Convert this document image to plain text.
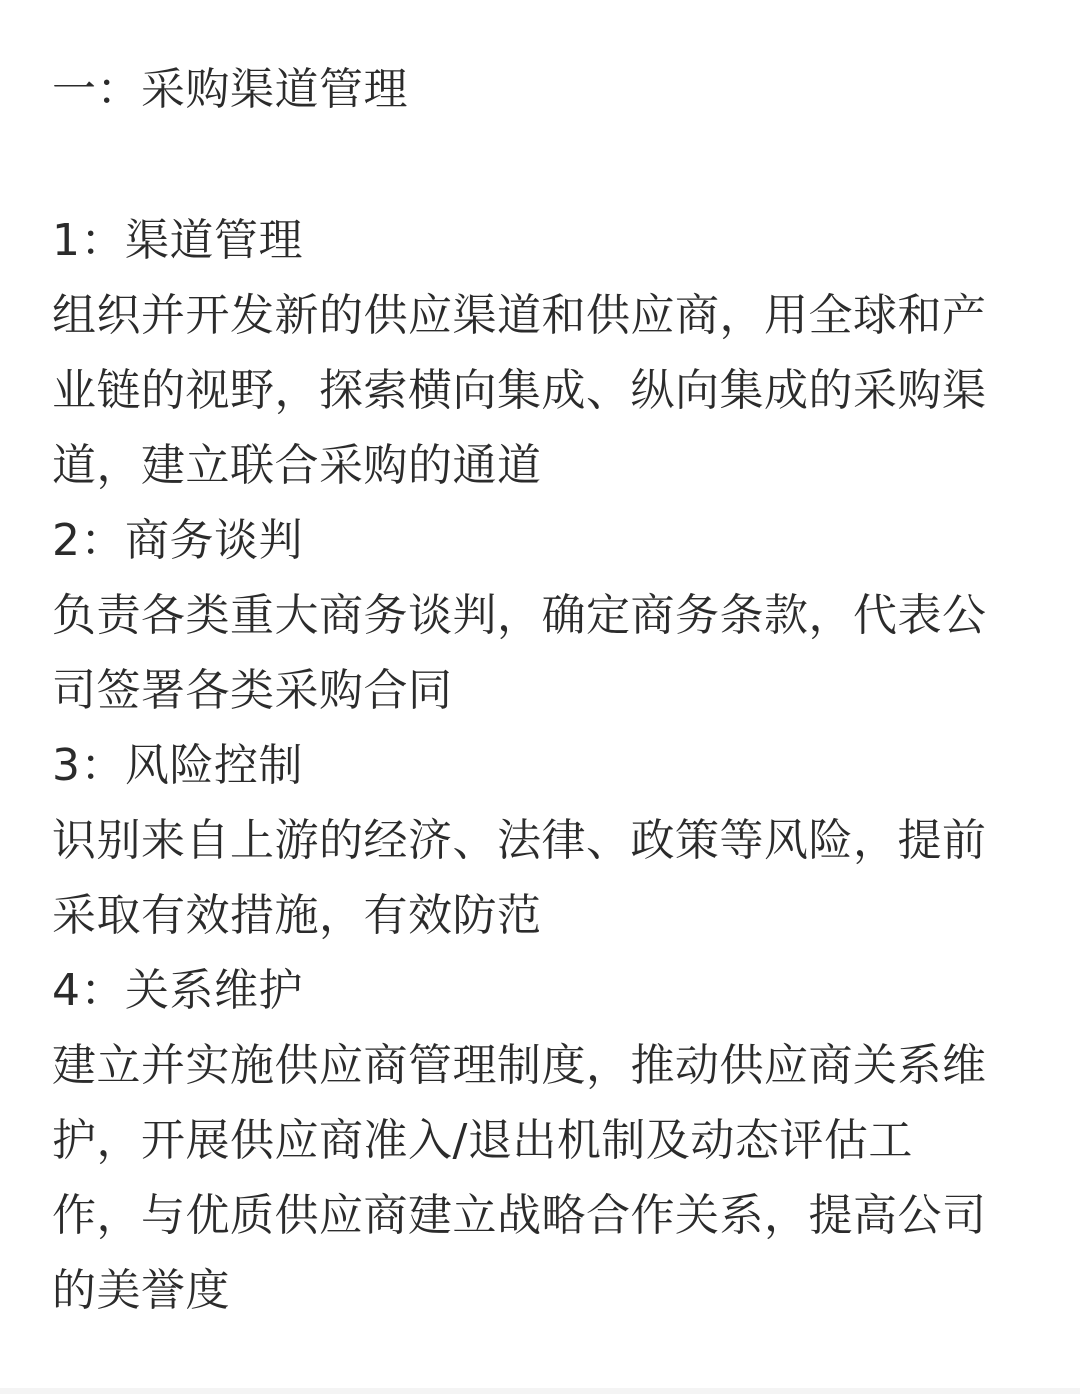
一：采购渠道管理
1：渠道管理
组织并开发新的供应渠道和供应商，用全球和产
业链的视野，探索横向集成、纵向集成的采购渠
道，建立联合采购的通道
2：商务谈判
负责各类重大商务谈判，确定商务条款，代表公
司签署各类采购合同
3：风险控制
识别来自上游的经济、法律、政策等风险，提前
采取有效措施，有效防范
4：关系维护
建立并实施供应商管理制度，推动供应商关系维
护，开展供应商准入/退出机制及动态评估工
作，与优质供应商建立战略合作关系，提高公司
的美誉度
